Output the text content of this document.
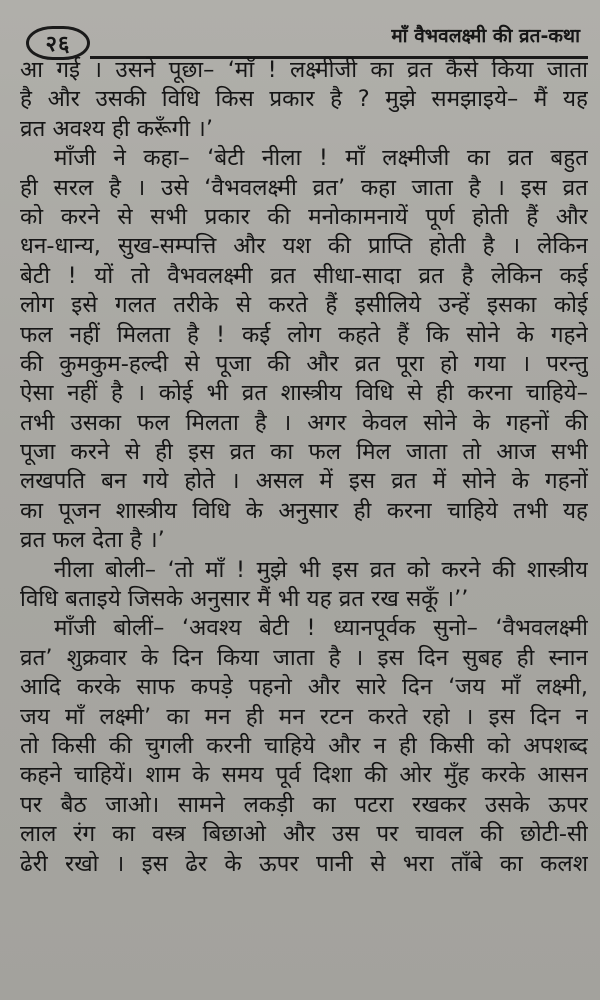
२६	माँ वैभवलक्ष्मी की व्रत-कथा
आ गई । उसने पूछा– ‘माँ ! लक्ष्मीजी का व्रत कैसे किया जाता
है और उसकी विधि किस प्रकार है ? मुझे समझाइये– मैं यह
व्रत अवश्य ही करूँगी ।’
माँजी ने कहा– ‘बेटी नीला ! माँ लक्ष्मीजी का व्रत बहुत
ही सरल है । उसे ‘वैभवलक्ष्मी व्रत’ कहा जाता है । इस व्रत
को करने से सभी प्रकार की मनोकामनायें पूर्ण होती हैं और
धन-धान्य, सुख-सम्पत्ति और यश की प्राप्ति होती है । लेकिन
बेटी ! यों तो वैभवलक्ष्मी व्रत सीधा-सादा व्रत है लेकिन कई
लोग इसे गलत तरीके से करते हैं इसीलिये उन्हें इसका कोई
फल नहीं मिलता है ! कई लोग कहते हैं कि सोने के गहने
की कुमकुम-हल्दी से पूजा की और व्रत पूरा हो गया । परन्तु
ऐसा नहीं है । कोई भी व्रत शास्त्रीय विधि से ही करना चाहिये–
तभी उसका फल मिलता है । अगर केवल सोने के गहनों की
पूजा करने से ही इस व्रत का फल मिल जाता तो आज सभी
लखपति बन गये होते । असल में इस व्रत में सोने के गहनों
का पूजन शास्त्रीय विधि के अनुसार ही करना चाहिये तभी यह
व्रत फल देता है ।’
नीला बोली– ‘तो माँ ! मुझे भी इस व्रत को करने की शास्त्रीय
विधि बताइये जिसके अनुसार मैं भी यह व्रत रख सकूँ ।’’
माँजी बोलीं– ‘अवश्य बेटी ! ध्यानपूर्वक सुनो– ‘वैभवलक्ष्मी
व्रत’ शुक्रवार के दिन किया जाता है । इस दिन सुबह ही स्नान
आदि करके साफ कपड़े पहनो और सारे दिन ‘जय माँ लक्ष्मी,
जय माँ लक्ष्मी’ का मन ही मन रटन करते रहो । इस दिन न
तो किसी की चुगली करनी चाहिये और न ही किसी को अपशब्द
कहने चाहियें। शाम के समय पूर्व दिशा की ओर मुँह करके आसन
पर बैठ जाओ। सामने लकड़ी का पटरा रखकर उसके ऊपर
लाल रंग का वस्त्र बिछाओ और उस पर चावल की छोटी-सी
ढेरी रखो । इस ढेर के ऊपर पानी से भरा ताँबे का कलश
